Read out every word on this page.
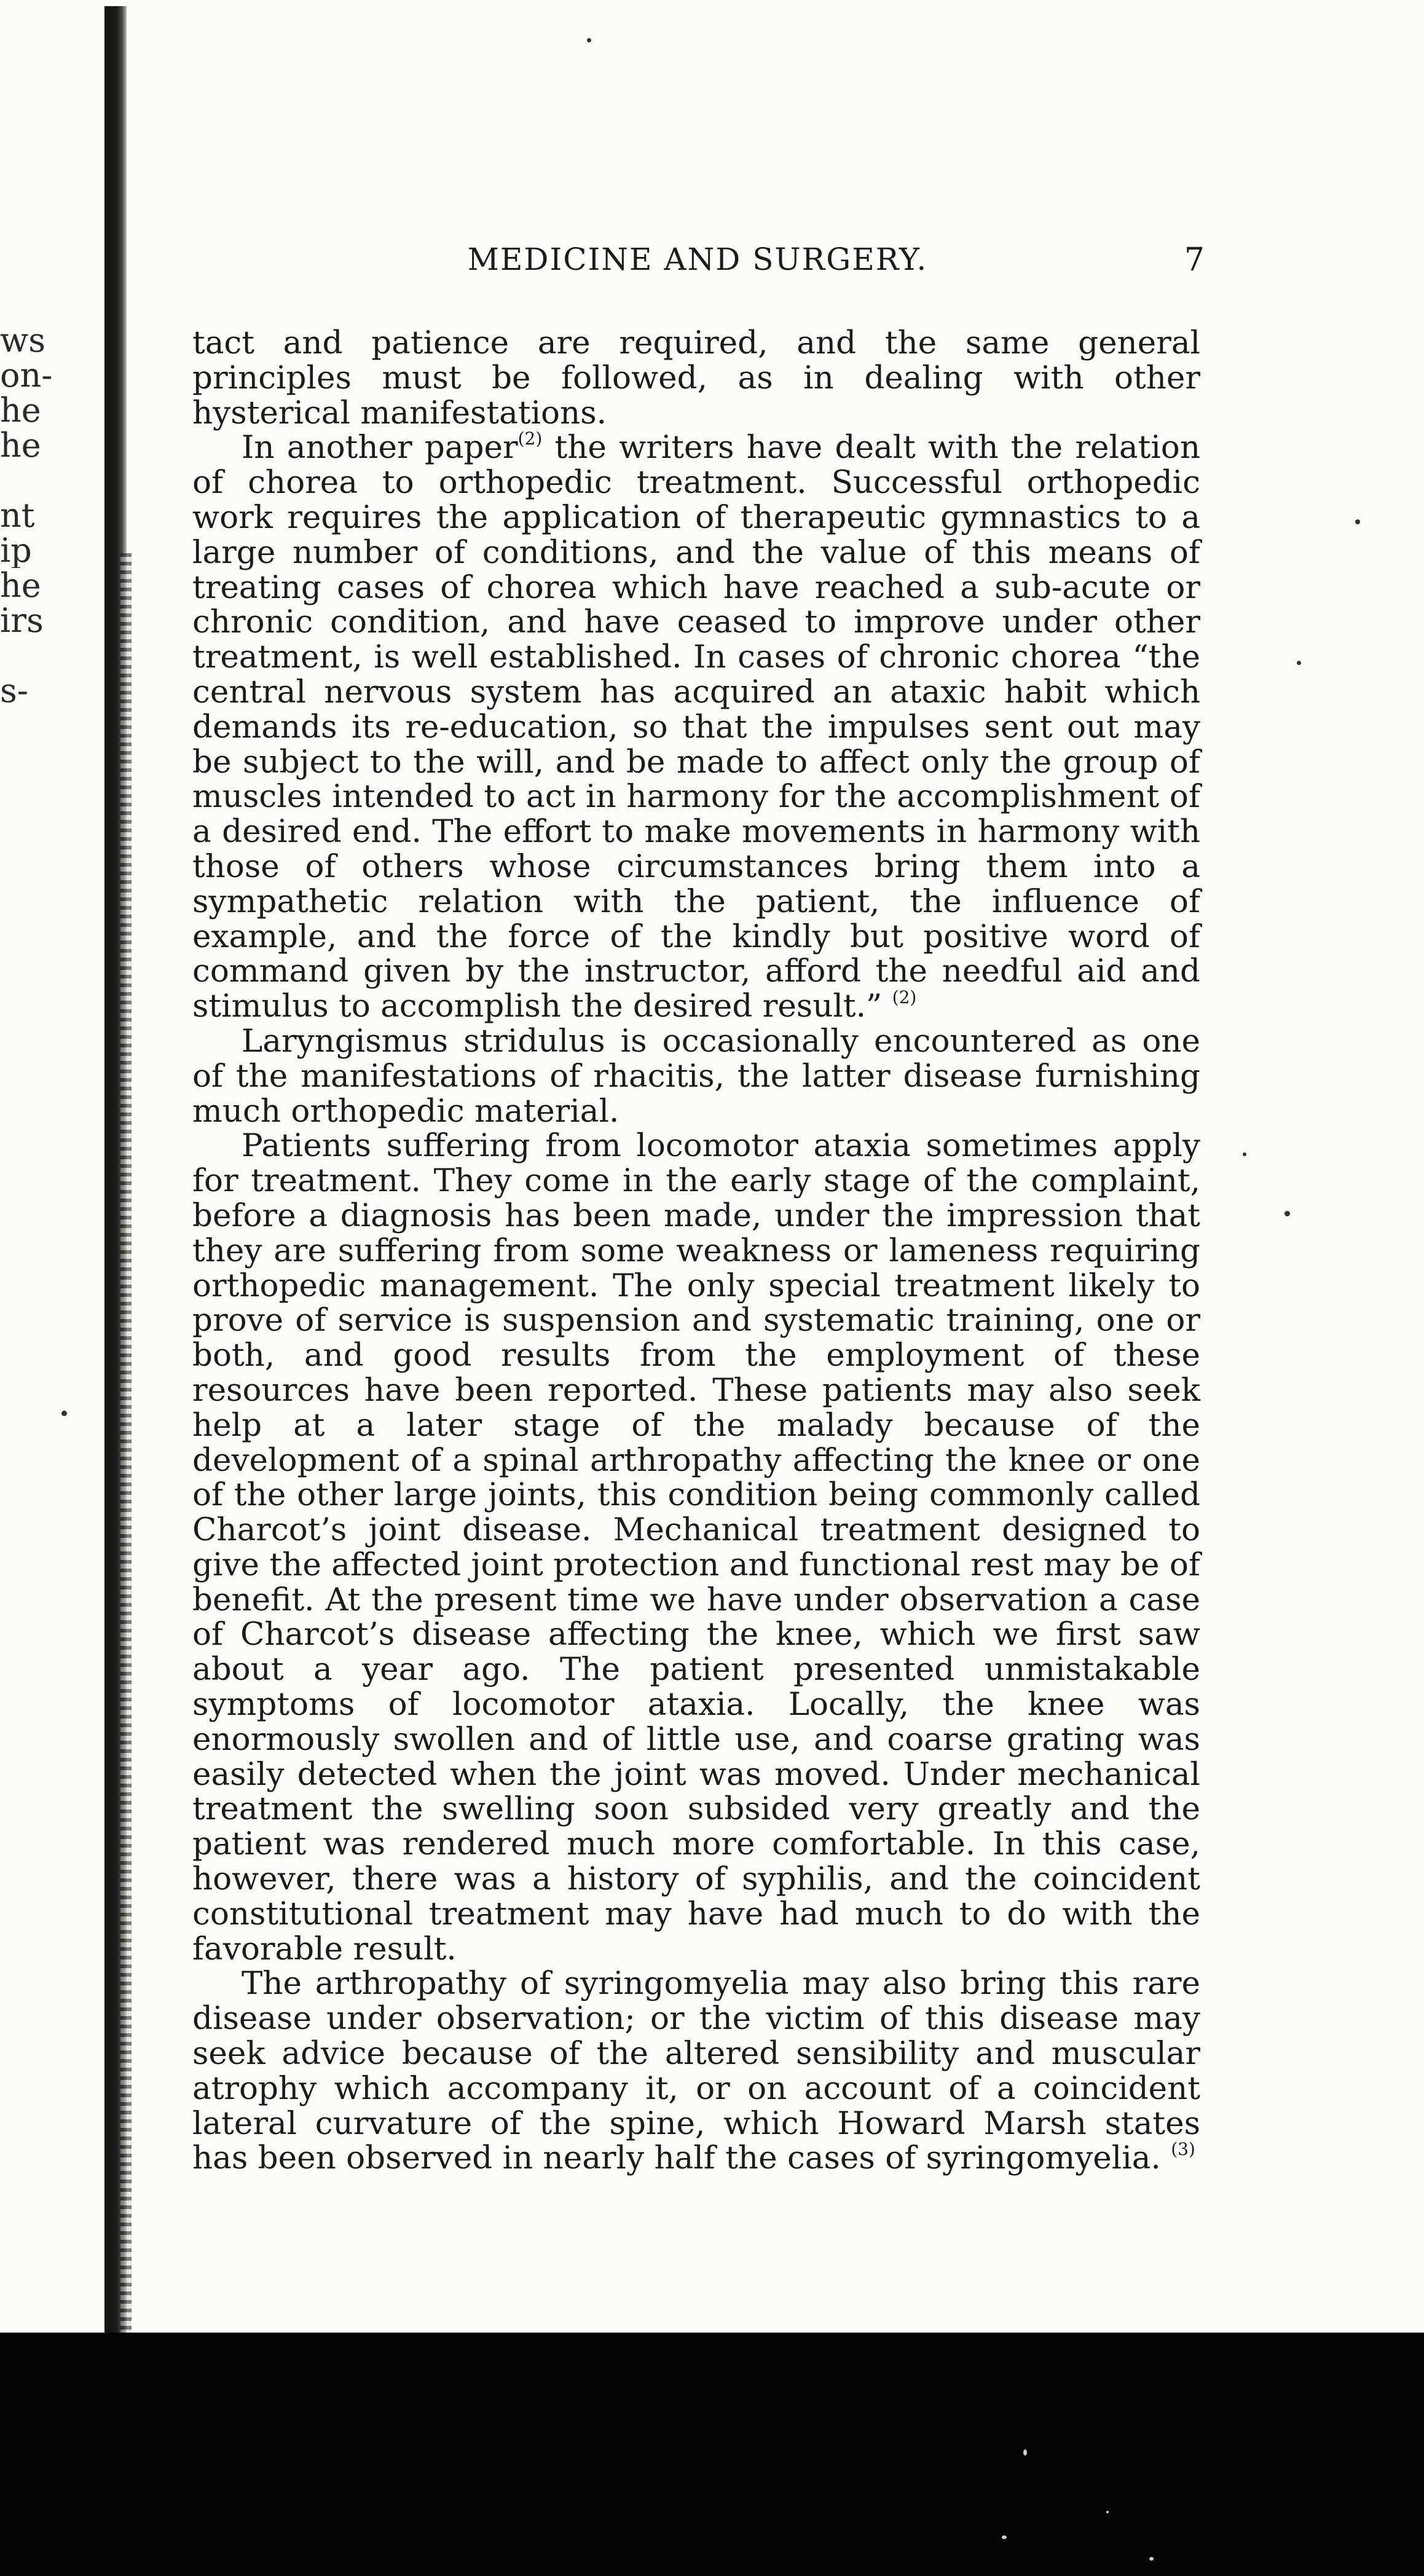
ws
on-
he
he
nt
ip
he
irs
s-
MEDICINE AND SURGERY.	7

tact and patience are required, and the same general principles must be followed, as in dealing with other hysterical manifestations.

In another paper$^{(2)}$ the writers have dealt with the relation of chorea to orthopedic treatment. Successful orthopedic work requires the application of therapeutic gymnastics to a large number of conditions, and the value of this means of treating cases of chorea which have reached a sub-acute or chronic condition, and have ceased to improve under other treatment, is well established. In cases of chronic chorea “the central nervous system has acquired an ataxic habit which demands its re-education, so that the impulses sent out may be subject to the will, and be made to affect only the group of muscles intended to act in harmony for the accomplishment of a desired end. The effort to make movements in harmony with those of others whose circumstances bring them into a sympathetic relation with the patient, the influence of example, and the force of the kindly but positive word of command given by the instructor, afford the needful aid and stimulus to accomplish the desired result.” $^{(2)}$

Laryngismus stridulus is occasionally encountered as one of the manifestations of rhacitis, the latter disease furnishing much orthopedic material.

Patients suffering from locomotor ataxia sometimes apply for treatment. They come in the early stage of the complaint, before a diagnosis has been made, under the impression that they are suffering from some weakness or lameness requiring orthopedic management. The only special treatment likely to prove of service is suspension and systematic training, one or both, and good results from the employment of these resources have been reported. These patients may also seek help at a later stage of the malady because of the development of a spinal arthropathy affecting the knee or one of the other large joints, this condition being commonly called Charcot’s joint disease. Mechanical treatment designed to give the affected joint protection and functional rest may be of benefit. At the present time we have under observation a case of Charcot’s disease affecting the knee, which we first saw about a year ago. The patient presented unmistakable symptoms of locomotor ataxia. Locally, the knee was enormously swollen and of little use, and coarse grating was easily detected when the joint was moved. Under mechanical treatment the swelling soon subsided very greatly and the patient was rendered much more comfortable. In this case, however, there was a history of syphilis, and the coincident constitutional treatment may have had much to do with the favorable result.

The arthropathy of syringomyelia may also bring this rare disease under observation; or the victim of this disease may seek advice because of the altered sensibility and muscular atrophy which accompany it, or on account of a coincident lateral curvature of the spine, which Howard Marsh states has been observed in nearly half the cases of syringomyelia. $^{(3)}$
